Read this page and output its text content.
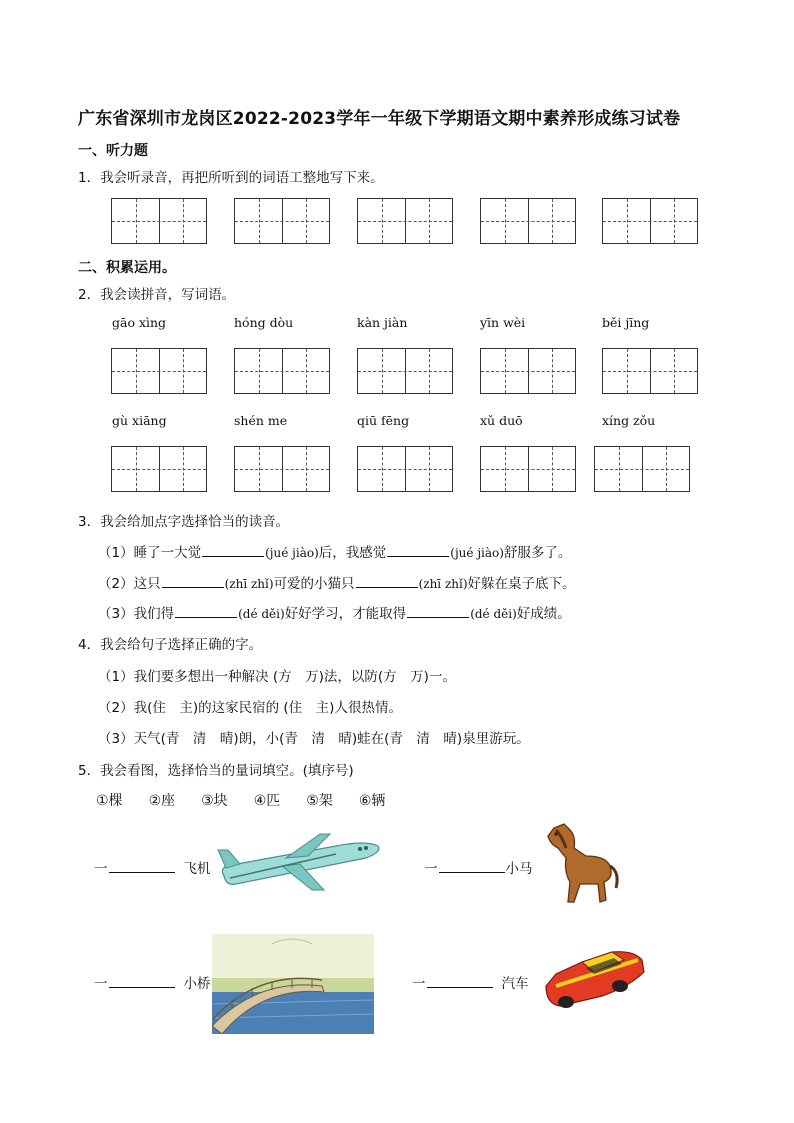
广东省深圳市龙岗区2022-2023学年一年级下学期语文期中素养形成练习试卷
一、听力题
1．我会听录音，再把所听到的词语工整地写下来。
二、积累运用。
2．我会读拼音，写词语。
gāo xìng	hóng dòu	kàn jiàn	yīn wèi	běi jīng
gù xiāng	shén me	qiū fēng	xǔ duō	xíng zǒu
3．我会给加点字选择恰当的读音。
（1）睡了一大觉	(jué jiào)后，我感觉	(jué jiào)舒服多了。
（2）这只	(zhī zhǐ)可爱的小猫只	(zhī zhǐ)好躲在桌子底下。
（3）我们得	(dé děi)好好学习，才能取得	(dé děi)好成绩。
4．我会给句子选择正确的字。
（1）我们要多想出一种解决 (方　万)法，以防(方　万)一。
（2）我(住　主)的这家民宿的 (住　主)人很热情。
（3）天气(青　清　晴)朗，小(青　清　晴)蛙在(青　清　晴)泉里游玩。
5．我会看图，选择恰当的量词填空。(填序号)
①棵 ②座 ③块 ④匹 ⑤架 ⑥辆
一	飞机	一	小马
一	小桥	一	汽车
